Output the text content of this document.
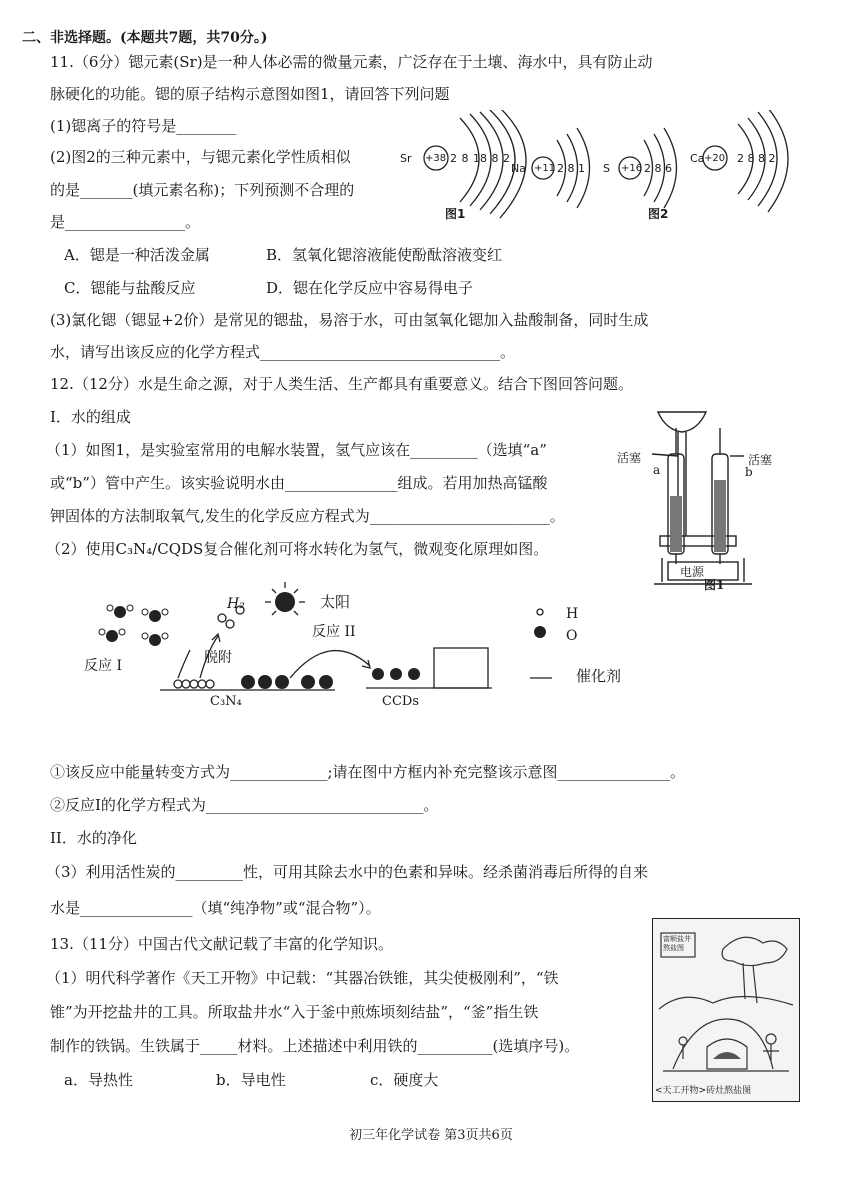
二、非选择题。(本题共7题，共70分。)
11.（6分）锶元素(Sr)是一种人体必需的微量元素，广泛存在于土壤、海水中，具有防止动
脉硬化的功能。锶的原子结构示意图如图1，请回答下列问题
(1)锶离子的符号是________
(2)图2的三种元素中，与锶元素化学性质相似
的是_______(填元素名称)；下列预测不合理的
是________________。
A．锶是一种活泼金属	B．氢氧化锶溶液能使酚酞溶液变红
C．锶能与盐酸反应	D．锶在化学反应中容易得电子
(3)氯化锶（锶显+2价）是常见的锶盐，易溶于水，可由氢氧化锶加入盐酸制备，同时生成
水，请写出该反应的化学方程式________________________________。
Sr +38 2 8 18 8 2
Na +11 2 8 1 S +16 2 8 6
Ca +20 2 8 8 2
图1	图2
12.（12分）水是生命之源，对于人类生活、生产都具有重要意义。结合下图回答问题。
I．水的组成
（1）如图1，是实验室常用的电解水装置，氢气应该在_________（选填“a”
或“b”）管中产生。该实验说明水由_______________组成。若用加热高锰酸
钾固体的方法制取氧气,发生的化学反应方程式为________________________。
（2）使用C₃N₄/CQDS复合催化剂可将水转化为氢气，微观变化原理如图。
活塞	活塞
a	b
电源
图1
H₂	太阳
反应 II
脱附
反应 I
C₃N₄	CCDs
H
O
催化剂
①该反应中能量转变方式为_____________;请在图中方框内补充完整该示意图_______________。
②反应I的化学方程式为_____________________________。
II．水的净化
（3）利用活性炭的_________性，可用其除去水中的色素和异味。经杀菌消毒后所得的自来
水是_______________（填“纯净物”或“混合物”）。
13.（11分）中国古代文献记载了丰富的化学知识。
（1）明代科学著作《天工开物》中记载：“其器冶铁锥，其尖使极刚利”，“铁
锥”为开挖盐井的工具。所取盐井水“入于釜中煎炼顷刻结盐”，“釜”指生铁
制作的铁锅。生铁属于_____材料。上述描述中利用铁的__________(选填序号)。
a．导热性	b．导电性	c．硬度大
富顺盐井 熬盐图
<天工开物>砖灶熬盐图
初三年化学试卷 第3页共6页
